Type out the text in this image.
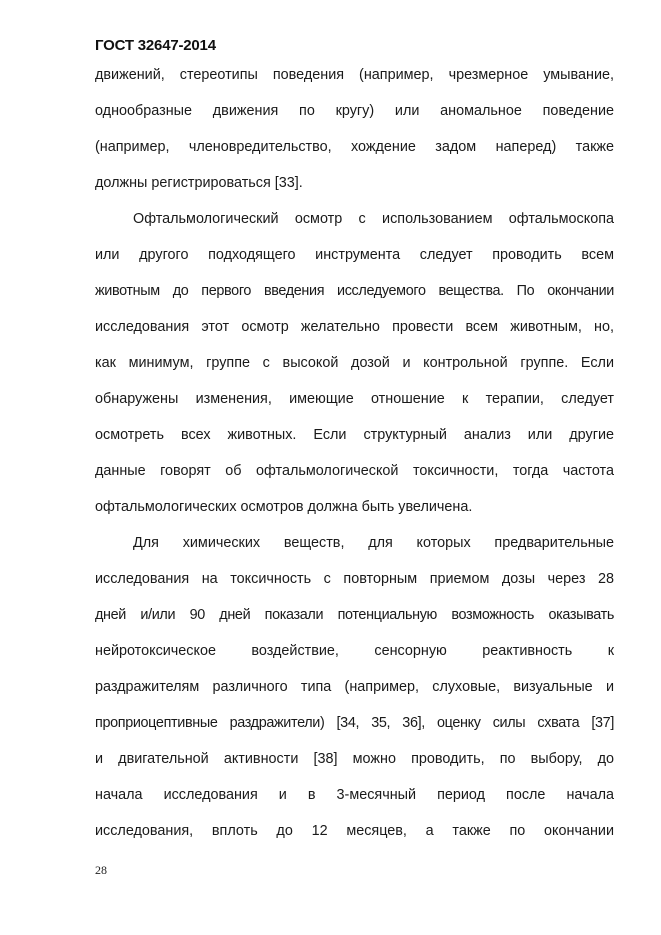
ГОСТ 32647-2014
движений, стереотипы поведения (например, чрезмерное умывание,
однообразные движения по кругу) или аномальное поведение
(например, членовредительство, хождение задом наперед) также
должны регистрироваться [33].
Офтальмологический осмотр с использованием офтальмоскопа
или другого подходящего инструмента следует проводить всем
животным до первого введения исследуемого вещества. По окончании
исследования этот осмотр желательно провести всем животным, но,
как минимум, группе с высокой дозой и контрольной группе. Если
обнаружены изменения, имеющие отношение к терапии, следует
осмотреть всех животных. Если структурный анализ или другие
данные говорят об офтальмологической токсичности, тогда частота
офтальмологических осмотров должна быть увеличена.
Для химических веществ, для которых предварительные
исследования на токсичность с повторным приемом дозы через 28
дней и/или 90 дней показали потенциальную возможность оказывать
нейротоксическое воздействие, сенсорную реактивность к
раздражителям различного типа (например, слуховые, визуальные и
проприоцептивные раздражители) [34, 35, 36], оценку силы схвата [37]
и двигательной активности [38] можно проводить, по выбору, до
начала исследования и в 3-месячный период после начала
исследования, вплоть до 12 месяцев, а также по окончании
28
